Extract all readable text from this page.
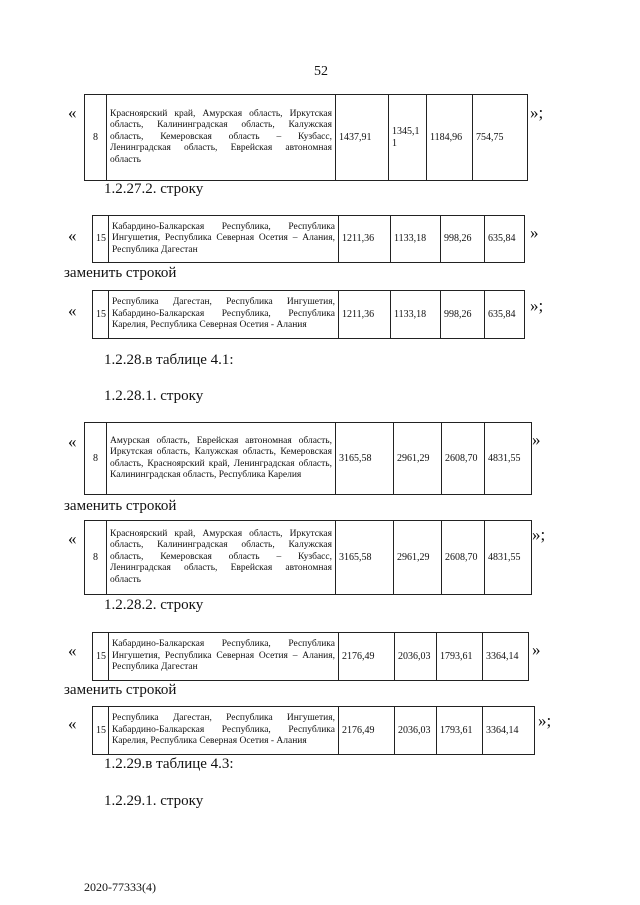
52
«
8	Красноярский край, Амурская область, Иркутская область, Калининградская область, Калужская область, Кемеровская область – Кузбасс, Ленинградская область, Еврейская автономная область	1437,91	1345,1 1	1184,96	754,75
»;
1.2.27.2. строку
« 15	Кабардино-Балкарская Республика, Республика Ингушетия, Республика Северная Осетия – Алания, Республика Дагестан	1211,36	1133,18	998,26	635,84 »
заменить строкой
« 15	Республика Дагестан, Республика Ингушетия, Кабардино-Балкарская Республика, Республика Карелия, Республика Северная Осетия - Алания	1211,36	1133,18	998,26	635,84 »;
1.2.28.в таблице 4.1:
1.2.28.1. строку
«
8	Амурская область, Еврейская автономная область, Иркутская область, Калужская область, Кемеровская область, Красноярский край, Ленинградская область, Калининградская область, Республика Карелия	3165,58	2961,29	2608,70	4831,55
»
заменить строкой
«
8	Красноярский край, Амурская область, Иркутская область, Калининградская область, Калужская область, Кемеровская область – Кузбасс, Ленинградская область, Еврейская автономная область	3165,58	2961,29	2608,70	4831,55
»;
1.2.28.2. строку
« 15	Кабардино-Балкарская Республика, Республика Ингушетия, Республика Северная Осетия – Алания, Республика Дагестан	2176,49	2036,03	1793,61	3364,14 »
заменить строкой
« 15	Республика Дагестан, Республика Ингушетия, Кабардино-Балкарская Республика, Республика Карелия, Республика Северная Осетия - Алания	2176,49	2036,03	1793,61	3364,14 »;
1.2.29.в таблице 4.3:
1.2.29.1. строку
2020-77333(4)
